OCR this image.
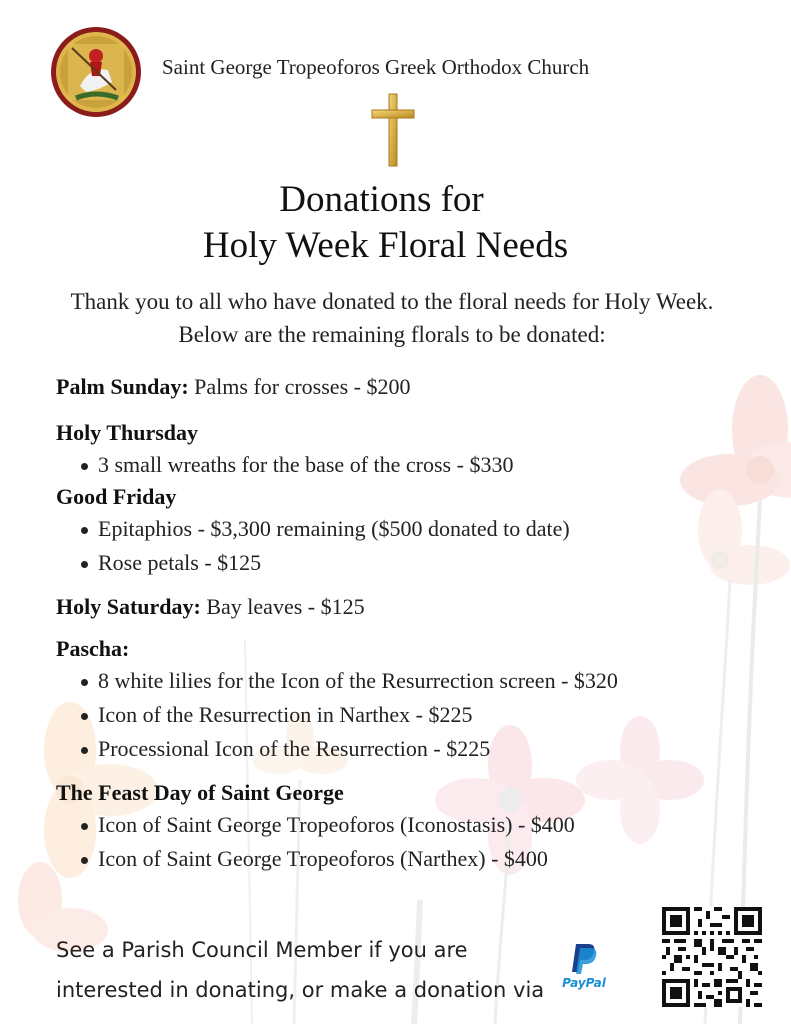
Saint George Tropeoforos Greek Orthodox Church
Donations for
Holy Week Floral Needs
Thank you to all who have donated to the floral needs for Holy Week. Below are the remaining florals to be donated:
Palm Sunday: Palms for crosses - $200
Holy Thursday
3 small wreaths for the base of the cross - $330
Good Friday
Epitaphios - $3,300 remaining ($500 donated to date)
Rose petals - $125
Holy Saturday: Bay leaves - $125
Pascha:
8 white lilies for the Icon of the Resurrection screen - $320
Icon of the Resurrection in Narthex - $225
Processional Icon of the Resurrection - $225
The Feast Day of Saint George
Icon of Saint George Tropeoforos (Iconostasis) - $400
Icon of Saint George Tropeoforos (Narthex) - $400
See a Parish Council Member if you are
interested in donating, or make a donation via	PayPal
